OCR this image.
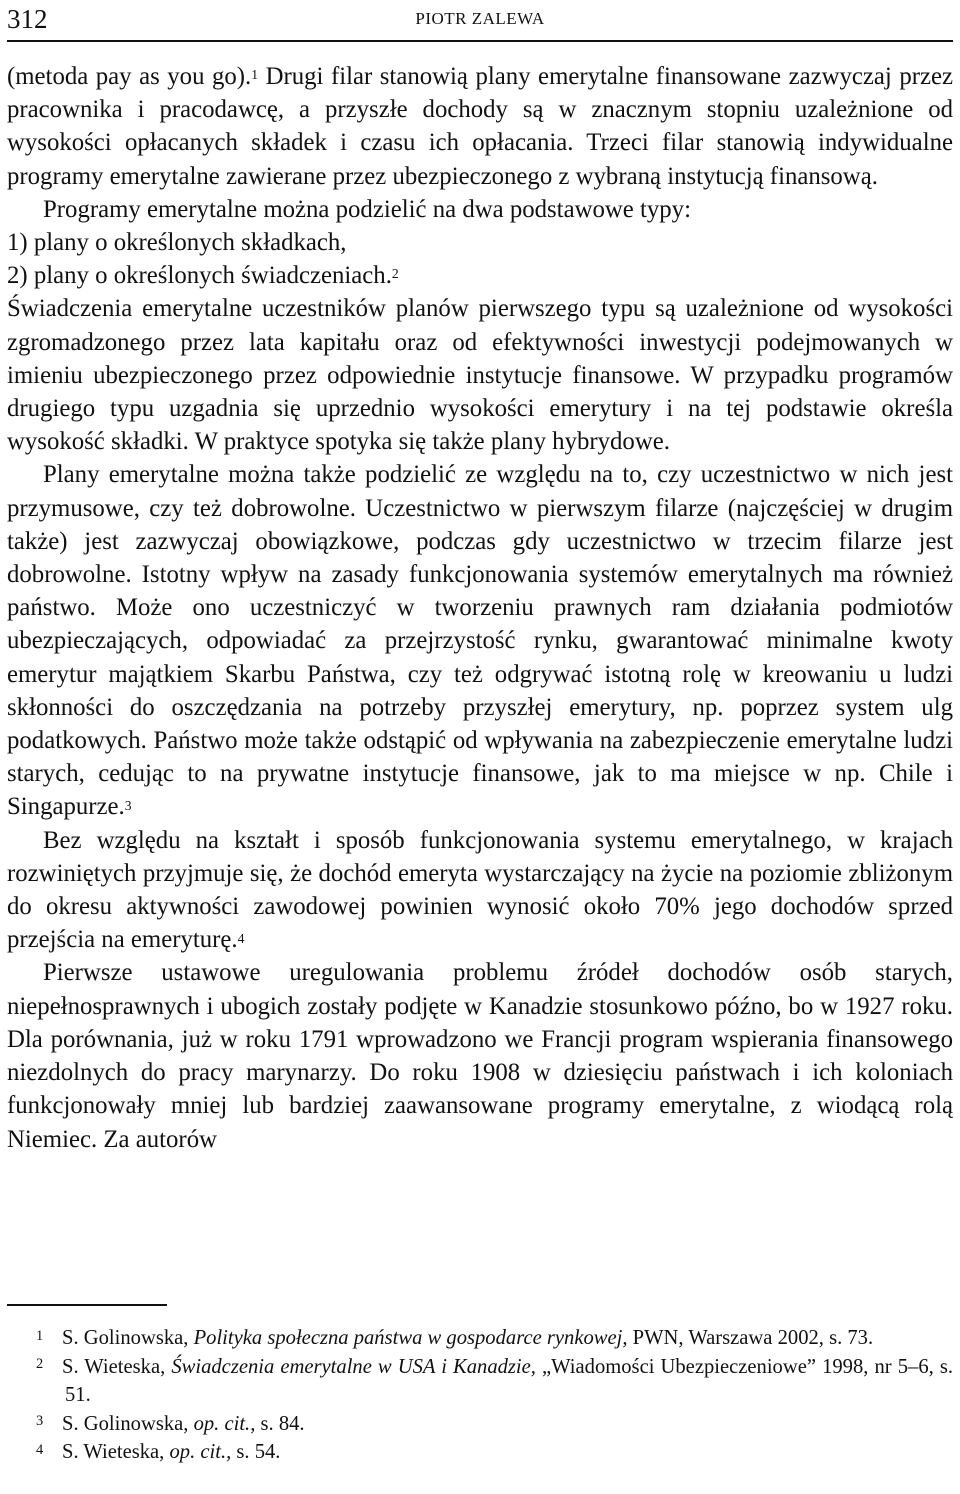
312	PIOTR ZALEWA

(metoda pay as you go).$^1$ Drugi filar stanowią plany emerytalne finansowane zazwyczaj przez pracownika i pracodawcę, a przyszłe dochody są w znacznym stopniu uzależnione od wysokości opłacanych składek i czasu ich opłacania. Trzeci filar stanowią indywidualne programy emerytalne zawierane przez ubezpieczonego z wybraną instytucją finansową.

Programy emerytalne można podzielić na dwa podstawowe typy:

1) plany o określonych składkach,

2) plany o określonych świadczeniach.$^2$

Świadczenia emerytalne uczestników planów pierwszego typu są uzależnione od wysokości zgromadzonego przez lata kapitału oraz od efektywności inwestycji podejmowanych w imieniu ubezpieczonego przez odpowiednie instytucje finansowe. W przypadku programów drugiego typu uzgadnia się uprzednio wysokości emerytury i na tej podstawie określa wysokość składki. W praktyce spotyka się także plany hybrydowe.

Plany emerytalne można także podzielić ze względu na to, czy uczestnictwo w nich jest przymusowe, czy też dobrowolne. Uczestnictwo w pierwszym filarze (najczęściej w drugim także) jest zazwyczaj obowiązkowe, podczas gdy uczestnictwo w trzecim filarze jest dobrowolne. Istotny wpływ na zasady funkcjonowania systemów emerytalnych ma również państwo. Może ono uczestniczyć w tworzeniu prawnych ram działania podmiotów ubezpieczających, odpowiadać za przejrzystość rynku, gwarantować minimalne kwoty emerytur majątkiem Skarbu Państwa, czy też odgrywać istotną rolę w kreowaniu u ludzi skłonności do oszczędzania na potrzeby przyszłej emerytury, np. poprzez system ulg podatkowych. Państwo może także odstąpić od wpływania na zabezpieczenie emerytalne ludzi starych, cedując to na prywatne instytucje finansowe, jak to ma miejsce w np. Chile i Singapurze.$^3$

Bez względu na kształt i sposób funkcjonowania systemu emerytalnego, w krajach rozwiniętych przyjmuje się, że dochód emeryta wystarczający na życie na poziomie zbliżonym do okresu aktywności zawodowej powinien wynosić około 70% jego dochodów sprzed przejścia na emeryturę.$^4$

Pierwsze ustawowe uregulowania problemu źródeł dochodów osób starych, niepełnosprawnych i ubogich zostały podjęte w Kanadzie stosunkowo późno, bo w 1927 roku. Dla porównania, już w roku 1791 wprowadzono we Francji program wspierania finansowego niezdolnych do pracy marynarzy. Do roku 1908 w dziesięciu państwach i ich koloniach funkcjonowały mniej lub bardziej zaawansowane programy emerytalne, z wiodącą rolą Niemiec. Za autorów

$^1$ S. Golinowska, Polityka społeczna państwa w gospodarce rynkowej, PWN, Warszawa 2002, s. 73.

$^2$ S. Wieteska, Świadczenia emerytalne w USA i Kanadzie, „Wiadomości Ubezpieczeniowe” 1998, nr 5–6, s. 51.

$^3$ S. Golinowska, op. cit., s. 84.

$^4$ S. Wieteska, op. cit., s. 54.
